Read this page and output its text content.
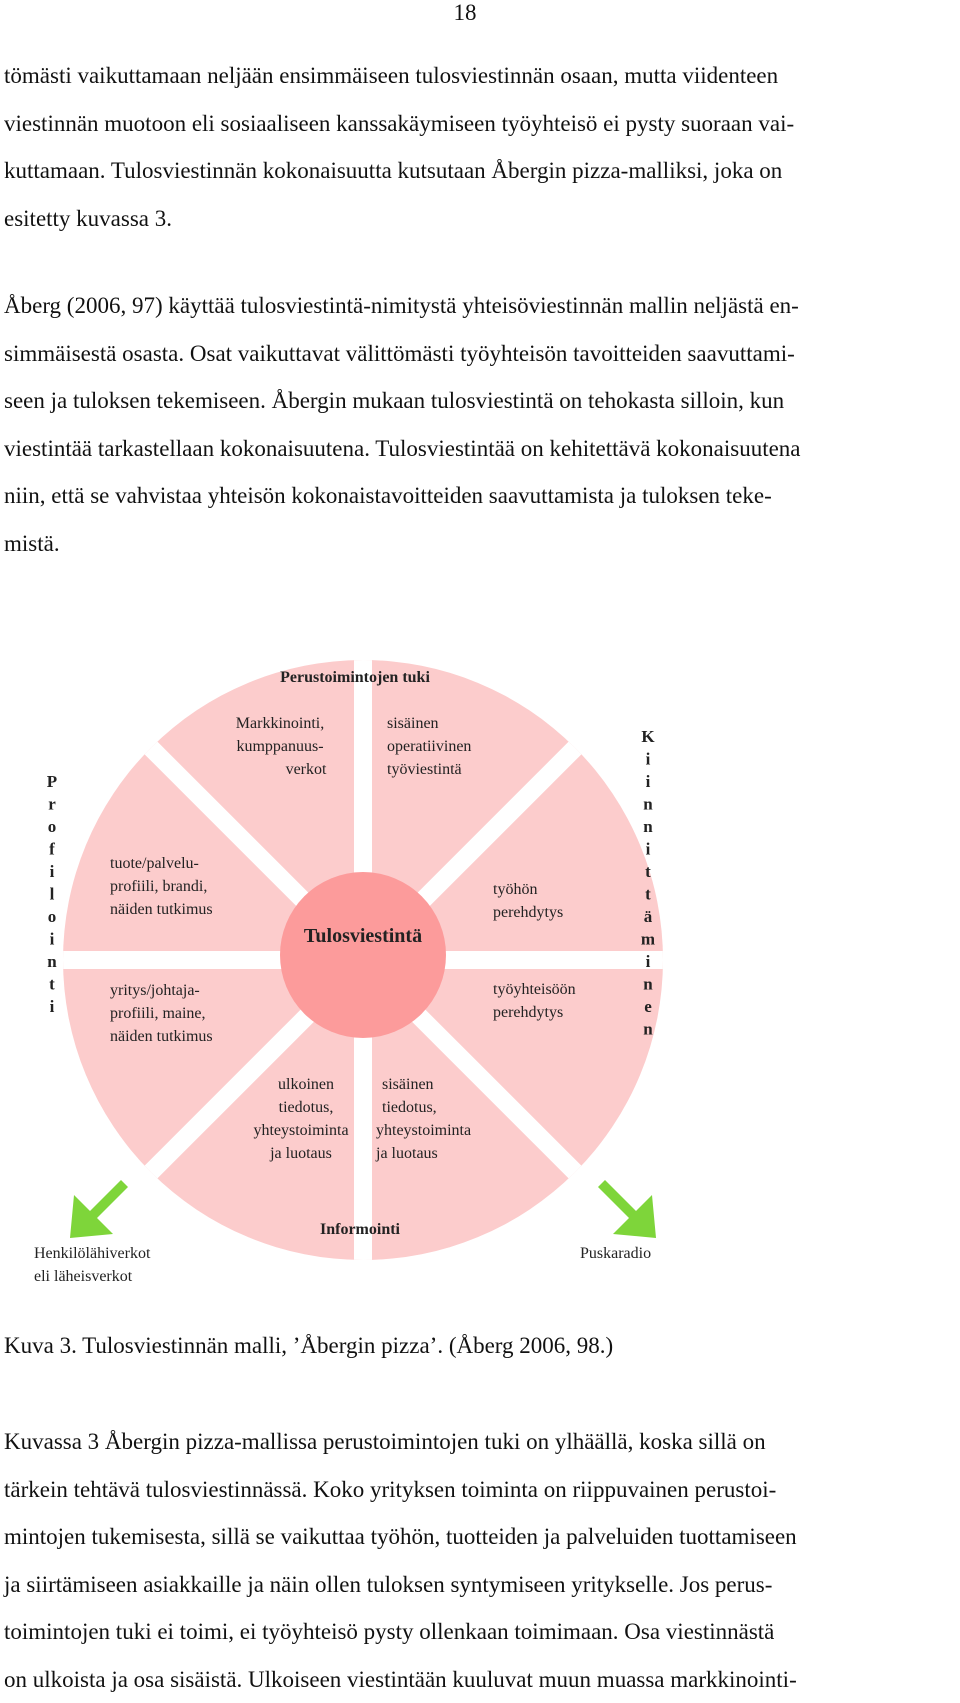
18
tömästi vaikuttamaan neljään ensimmäiseen tulosviestinnän osaan, mutta viidenteen
viestinnän muotoon eli sosiaaliseen kanssakäymiseen työyhteisö ei pysty suoraan vai-
kuttamaan. Tulosviestinnän kokonaisuutta kutsutaan Åbergin pizza-malliksi, joka on
esitetty kuvassa 3.
Åberg (2006, 97) käyttää tulosviestintä-nimitystä yhteisöviestinnän mallin neljästä en-
simmäisestä osasta. Osat vaikuttavat välittömästi työyhteisön tavoitteiden saavuttami-
seen ja tuloksen tekemiseen. Åbergin mukaan tulosviestintä on tehokasta silloin, kun
viestintää tarkastellaan kokonaisuutena. Tulosviestintää on kehitettävä kokonaisuutena
niin, että se vahvistaa yhteisön kokonaistavoitteiden saavuttamista ja tuloksen teke-
mistä.
Tulosviestintä
Perustoimintojen tuki
Informointi
Markkinointi,
kumppanuus-
verkot
sisäinen
operatiivinen
työviestintä
tuote/palvelu-
profiili, brandi,
näiden tutkimus
yritys/johtaja-
profiili, maine,
näiden tutkimus
työhön
perehdytys
työyhteisöön
perehdytys
ulkoinen
tiedotus,
yhteystoiminta
ja luotaus
sisäinen
tiedotus,
yhteystoiminta
ja luotaus
P
r
o
f
i
l
o
i
n
t
i
K
i
i
n
n
i
t
t
ä
m
i
n
e
n
Henkilölähiverkot
eli läheisverkot
Puskaradio
Kuva 3. Tulosviestinnän malli, ’Åbergin pizza’. (Åberg 2006, 98.)
Kuvassa 3 Åbergin pizza-mallissa perustoimintojen tuki on ylhäällä, koska sillä on
tärkein tehtävä tulosviestinnässä. Koko yrityksen toiminta on riippuvainen perustoi-
mintojen tukemisesta, sillä se vaikuttaa työhön, tuotteiden ja palveluiden tuottamiseen
ja siirtämiseen asiakkaille ja näin ollen tuloksen syntymiseen yritykselle. Jos perus-
toimintojen tuki ei toimi, ei työyhteisö pysty ollenkaan toimimaan. Osa viestinnästä
on ulkoista ja osa sisäistä. Ulkoiseen viestintään kuuluvat muun muassa markkinointi-
